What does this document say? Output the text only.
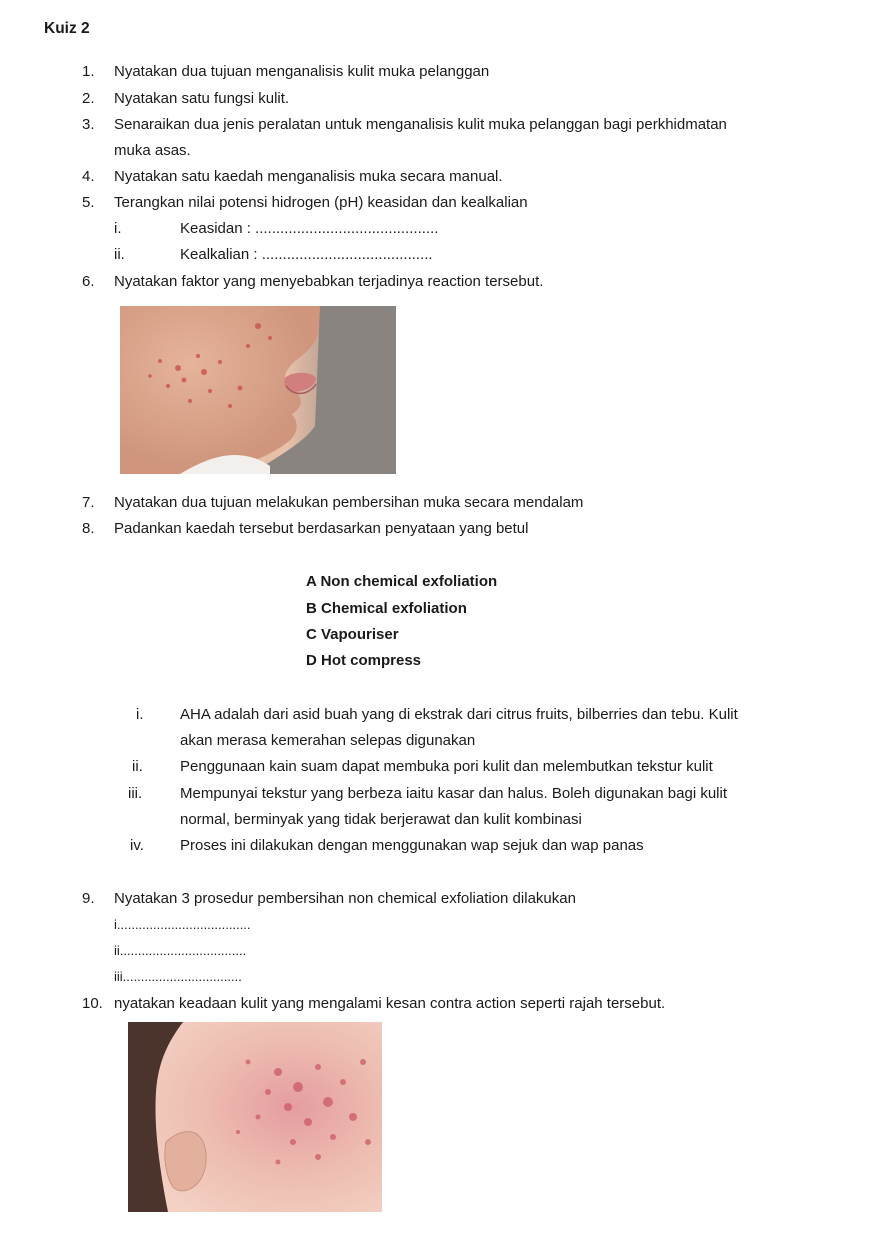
Kuiz 2
1. Nyatakan dua tujuan menganalisis kulit muka pelanggan
2. Nyatakan satu fungsi kulit.
3. Senaraikan dua jenis peralatan untuk menganalisis kulit muka pelanggan bagi perkhidmatan
muka asas.
4. Nyatakan satu kaedah menganalisis muka secara manual.
5. Terangkan nilai potensi hidrogen (pH) keasidan dan kealkalian
i.	Keasidan : ............................................
ii.	Kealkalian : .........................................
6. Nyatakan faktor yang menyebabkan terjadinya reaction tersebut.
7. Nyatakan dua tujuan melakukan pembersihan muka secara mendalam
8. Padankan kaedah tersebut berdasarkan penyataan yang betul
A Non chemical exfoliation
B Chemical exfoliation
C Vapouriser
D Hot compress
i. AHA adalah dari asid buah yang di ekstrak dari citrus fruits, bilberries dan tebu. Kulit
akan merasa kemerahan selepas digunakan
ii. Penggunaan kain suam dapat membuka pori kulit dan melembutkan tekstur kulit
iii.	Mempunyai tekstur yang berbeza iaitu kasar dan halus. Boleh digunakan bagi kulit
normal, berminyak yang tidak berjerawat dan kulit kombinasi
iv. Proses ini dilakukan dengan menggunakan wap sejuk dan wap panas
9. Nyatakan 3 prosedur pembersihan non chemical exfoliation dilakukan
i.....................................
ii...................................
iii.................................
10. nyatakan keadaan kulit yang mengalami kesan contra action seperti rajah tersebut.
